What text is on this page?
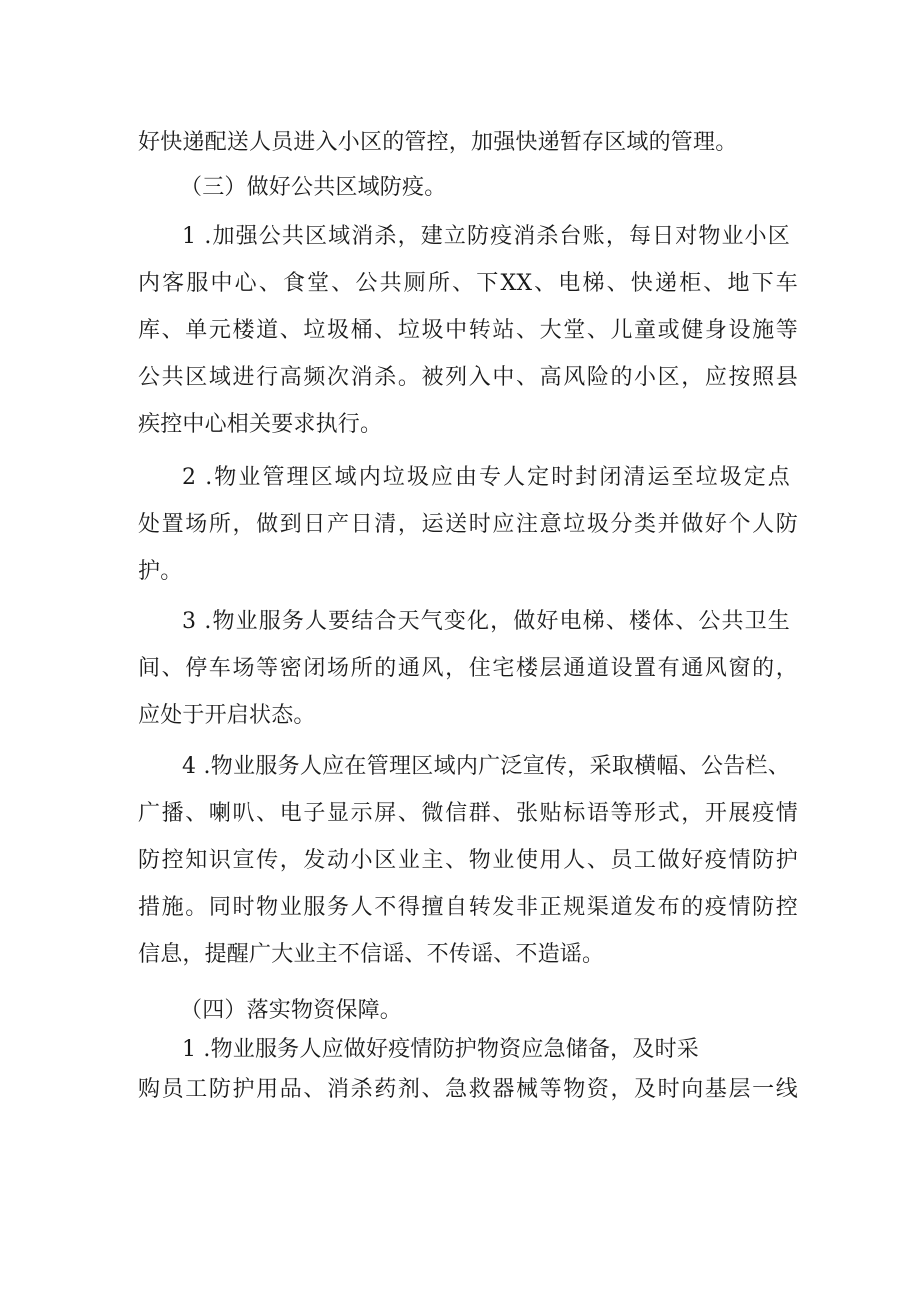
好快递配送人员进入小区的管控，加强快递暂存区域的管理。
（三）做好公共区域防疫。
1 .加强公共区域消杀，建立防疫消杀台账，每日对物业小区
内客服中心、食堂、公共厕所、下XX、电梯、快递柜、地下车
库、单元楼道、垃圾桶、垃圾中转站、大堂、儿童或健身设施等
公共区域进行高频次消杀。被列入中、高风险的小区，应按照县
疾控中心相关要求执行。
2 .物业管理区域内垃圾应由专人定时封闭清运至垃圾定点
处置场所，做到日产日清，运送时应注意垃圾分类并做好个人防
护。
3 .物业服务人要结合天气变化，做好电梯、楼体、公共卫生
间、停车场等密闭场所的通风，住宅楼层通道设置有通风窗的，
应处于开启状态。
4 .物业服务人应在管理区域内广泛宣传，采取横幅、公告栏、
广播、喇叭、电子显示屏、微信群、张贴标语等形式，开展疫情
防控知识宣传，发动小区业主、物业使用人、员工做好疫情防护
措施。同时物业服务人不得擅自转发非正规渠道发布的疫情防控
信息，提醒广大业主不信谣、不传谣、不造谣。
（四）落实物资保障。
1 .物业服务人应做好疫情防护物资应急储备，及时采
购员工防护用品、消杀药剂、急救器械等物资，及时向基层一线
